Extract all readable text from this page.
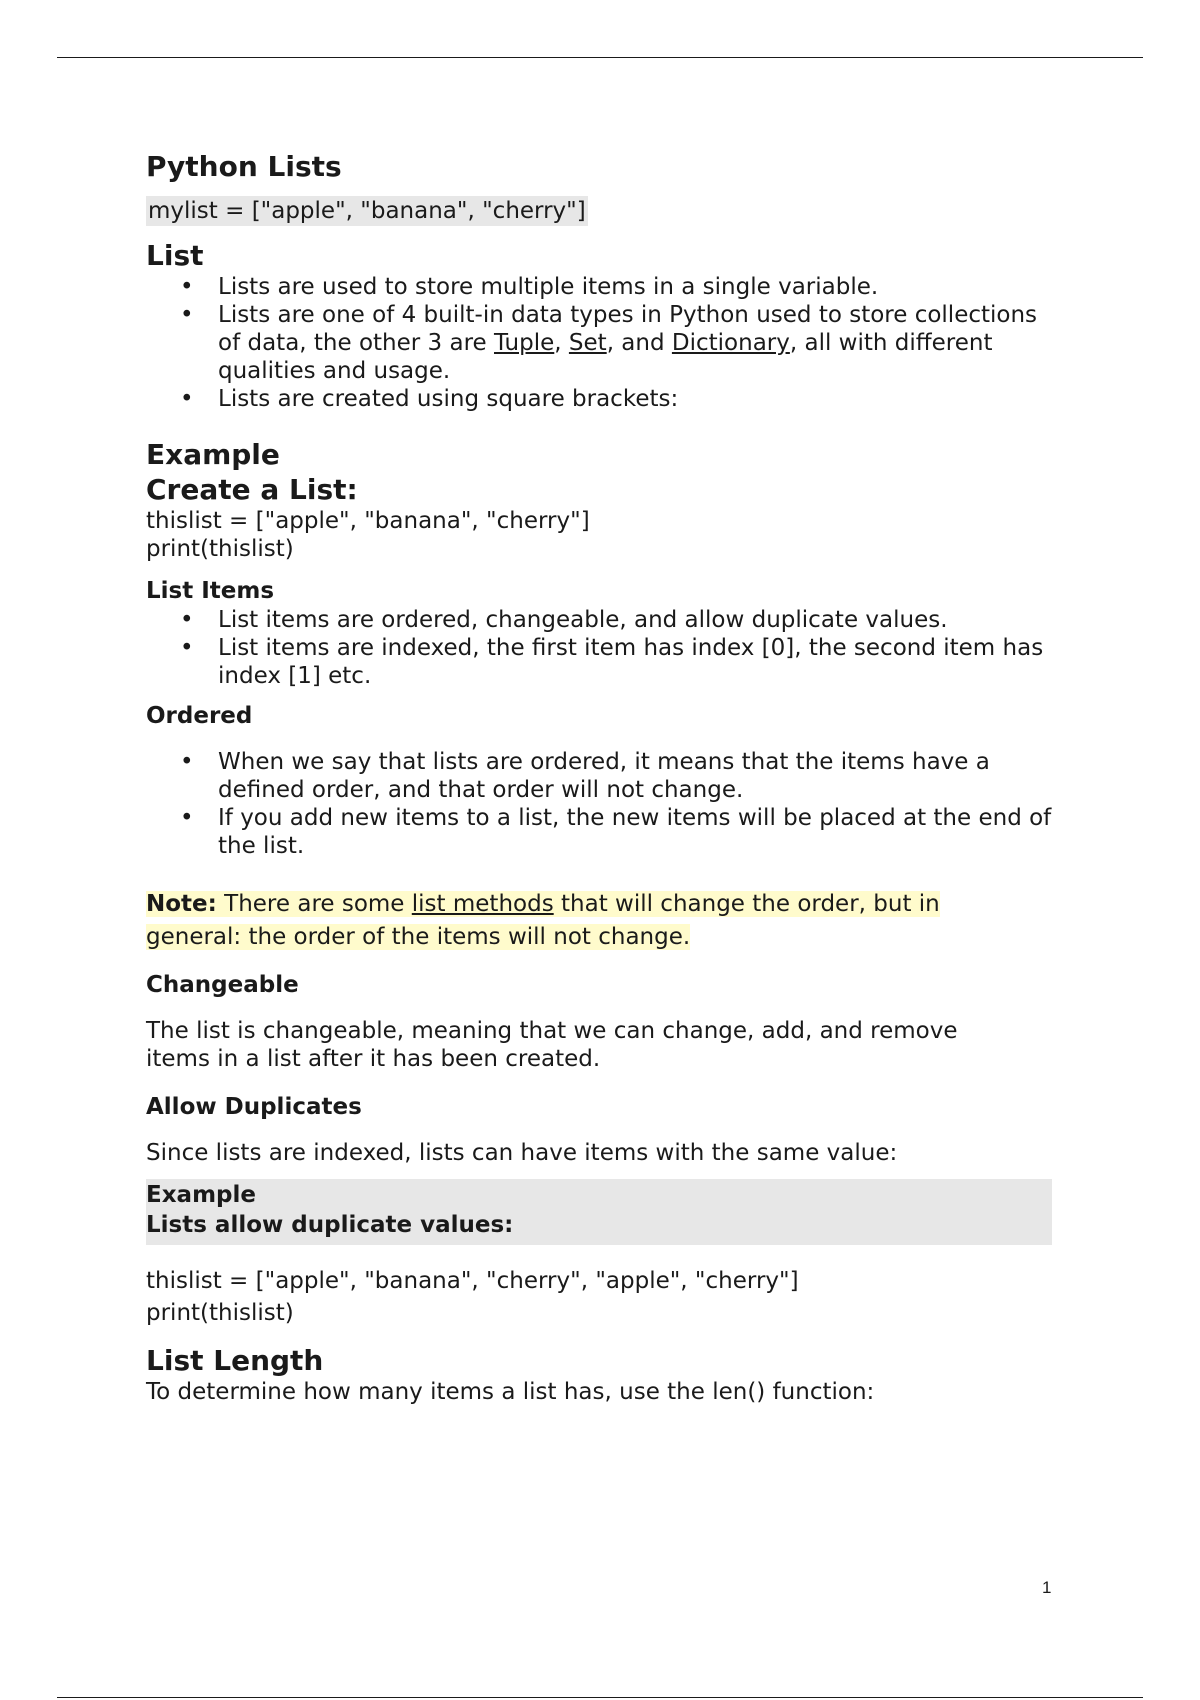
Python Lists
mylist = ["apple", "banana", "cherry"]
List
• Lists are used to store multiple items in a single variable.
• Lists are one of 4 built-in data types in Python used to store collections of data, the other 3 are Tuple, Set, and Dictionary, all with different qualities and usage.
• Lists are created using square brackets:
Example
Create a List:

thislist = ["apple", "banana", "cherry"]

print(thislist)

List Items
• List items are ordered, changeable, and allow duplicate values.
• List items are indexed, the first item has index [0], the second item has index [1] etc.
Ordered
• When we say that lists are ordered, it means that the items have a defined order, and that order will not change.
• If you add new items to a list, the new items will be placed at the end of the list.
Note: There are some list methods that will change the order, but in general: the order of the items will not change.
Changeable

The list is changeable, meaning that we can change, add, and remove items in a list after it has been created.

Allow Duplicates

Since lists are indexed, lists can have items with the same value:

Example
Lists allow duplicate values:

thislist = ["apple", "banana", "cherry", "apple", "cherry"]

print(thislist)

List Length

To determine how many items a list has, use the len() function:

1
